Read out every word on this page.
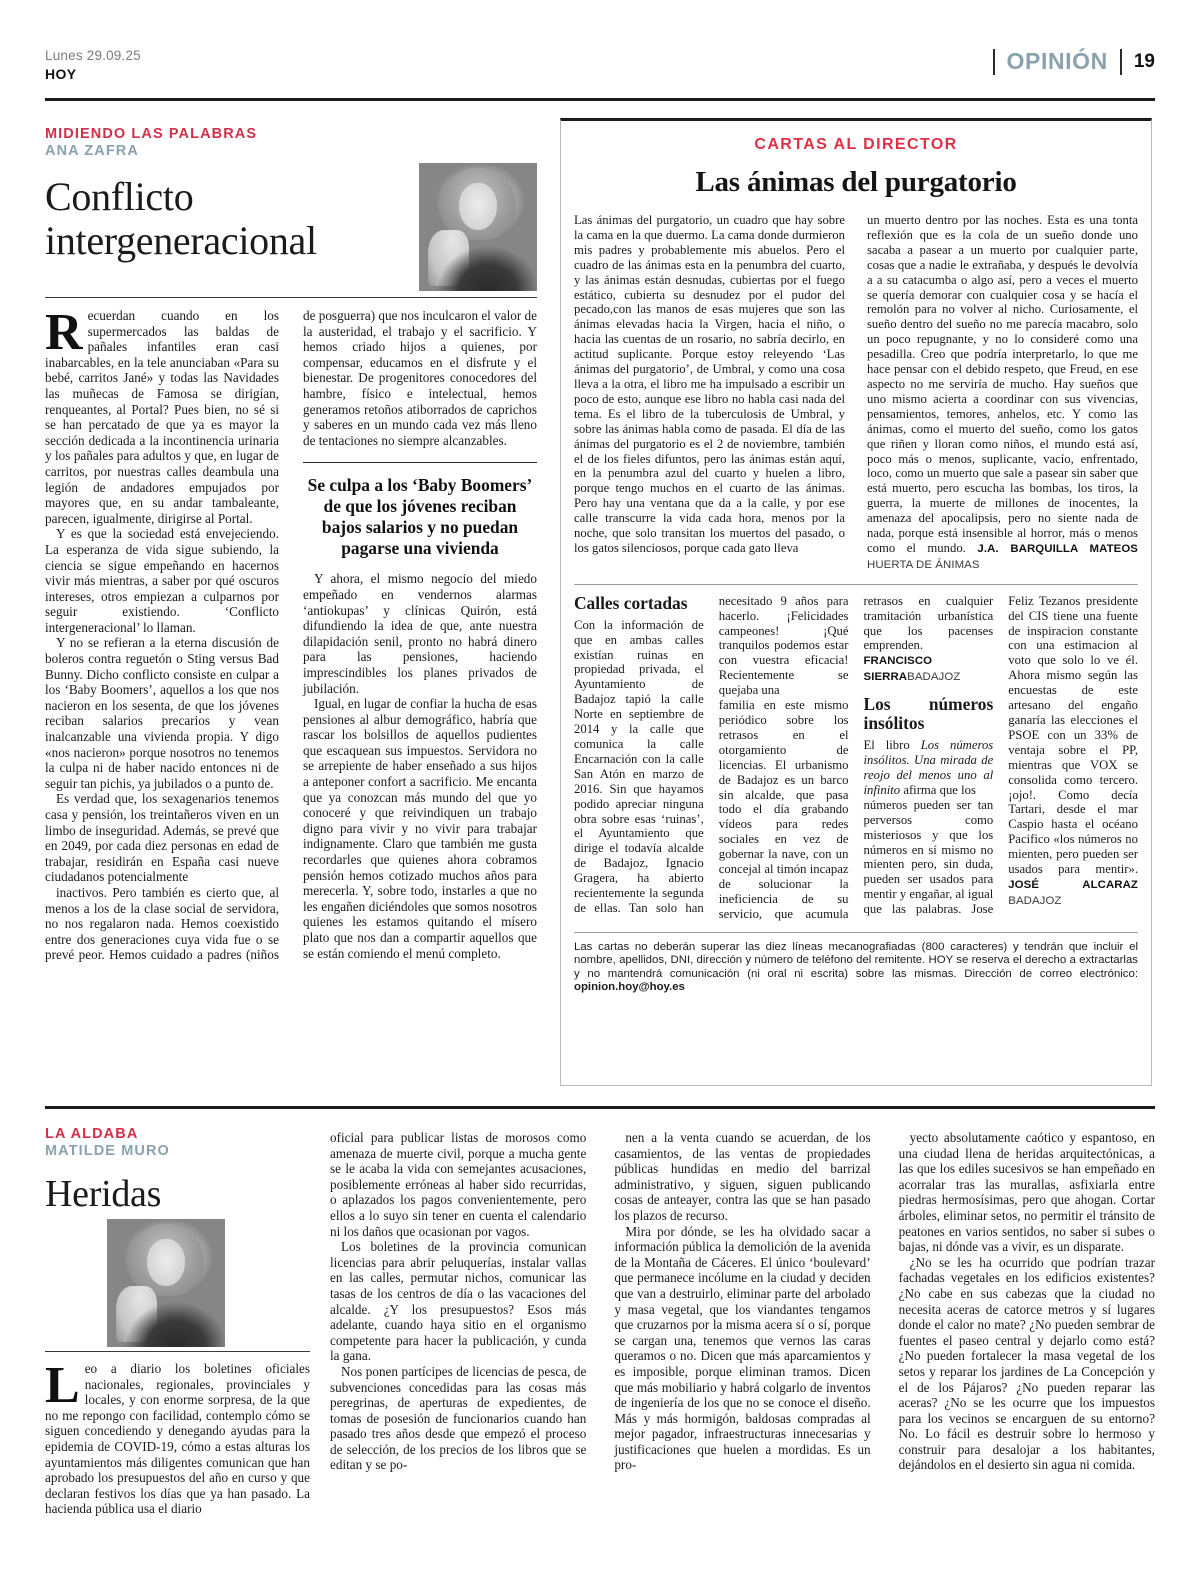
Lunes 29.09.25
HOY	OPINIÓN 19
MIDIENDO LAS PALABRAS
ANA ZAFRA
Conflicto intergeneracional

Recuerdan cuando en los supermercados las baldas de pañales infantiles eran casi inabarcables, en la tele anunciaban «Para su bebé, carritos Jané» y todas las Navidades las muñecas de Famosa se dirigían, renqueantes, al Portal? Pues bien, no sé si se han percatado de que ya es mayor la sección dedicada a la incontinencia urinaria y los pañales para adultos y que, en lugar de carritos, por nuestras calles deambula una legión de andadores empujados por mayores que, en su andar tambaleante, parecen, igualmente, dirigirse al Portal.

Y es que la sociedad está envejeciendo. La esperanza de vida sigue subiendo, la ciencia se sigue empeñando en hacernos vivir más mientras, a saber por qué oscuros intereses, otros empiezan a culparnos por seguir existiendo. ‘Conflicto intergeneracional’ lo llaman.

Y no se refieran a la eterna discusión de boleros contra reguetón o Sting versus Bad Bunny. Dicho conflicto consiste en culpar a los ‘Baby Boomers’, aquellos a los que nos nacieron en los sesenta, de que los jóvenes reciban salarios precarios y vean inalcanzable una vivienda propia. Y digo «nos nacieron» porque nosotros no tenemos la culpa ni de haber nacido entonces ni de seguir tan pichis, ya jubilados o a punto de.

Es verdad que, los sexagenarios tenemos casa y pensión, los treintañeros viven en un limbo de inseguridad. Además, se prevé que en 2049, por cada diez personas en edad de trabajar, residirán en España casi nueve ciudadanos potencialmente

inactivos. Pero también es cierto que, al menos a los de la clase social de servidora, no nos regalaron nada. Hemos coexistido entre dos generaciones cuya vida fue o se prevé peor. Hemos cuidado a padres (niños de posguerra) que nos inculcaron el valor de la austeridad, el trabajo y el sacrificio. Y hemos criado hijos a quienes, por compensar, educamos en el disfrute y el bienestar. De progenitores conocedores del hambre, físico e intelectual, hemos generamos retoños atiborrados de caprichos y saberes en un mundo cada vez más lleno de tentaciones no siempre alcanzables.

Se culpa a los ‘Baby Boomers’ de que los jóvenes reciban bajos salarios y no puedan pagarse una vivienda

Y ahora, el mismo negocio del miedo empeñado en vendernos alarmas ‘antiokupas’ y clínicas Quirón, está difundiendo la idea de que, ante nuestra dilapidación senil, pronto no habrá dinero para las pensiones, haciendo imprescindibles los planes privados de jubilación.

Igual, en lugar de confiar la hucha de esas pensiones al albur demográfico, habría que rascar los bolsillos de aquellos pudientes que escaquean sus impuestos. Servidora no se arrepiente de haber enseñado a sus hijos a anteponer confort a sacrificio. Me encanta que ya conozcan más mundo del que yo conoceré y que reivindiquen un trabajo digno para vivir y no vivir para trabajar indignamente. Claro que también me gusta recordarles que quienes ahora cobramos pensión hemos cotizado muchos años para merecerla. Y, sobre todo, instarles a que no les engañen diciéndoles que somos nosotros quienes les estamos quitando el mísero plato que nos dan a compartir aquellos que se están comiendo el menú completo.

CARTAS AL DIRECTOR
Las ánimas del purgatorio

Las ánimas del purgatorio, un cuadro que hay sobre la cama en la que duermo. La cama donde durmieron mis padres y probablemente mis abuelos. Pero el cuadro de las ánimas esta en la penumbra del cuarto, y las ánimas están desnudas, cubiertas por el fuego estático, cubierta su desnudez por el pudor del pecado,con las manos de esas mujeres que son las ánimas elevadas hacia la Virgen, hacia el niño, o hacia las cuentas de un rosario, no sabría decirlo, en actitud suplicante. Porque estoy releyendo ‘Las ánimas del purgatorio’, de Umbral, y como una cosa lleva a la otra, el libro me ha impulsado a escribir un poco de esto, aunque ese libro no habla casi nada del tema. Es el libro de la tuberculosis de Umbral, y sobre las ánimas habla como de pasada. El día de las ánimas del purgatorio es el 2 de noviembre, también el de los fieles difuntos, pero las ánimas están aquí, en la penumbra azul del cuarto y huelen a libro, porque tengo muchos en el cuarto de las ánimas. Pero hay una ventana que da a la calle, y por ese calle transcurre la vida cada hora, menos por la noche, que solo transitan los muertos del pasado, o los gatos silenciosos, porque cada gato lleva

un muerto dentro por las noches. Esta es una tonta reflexión que es la cola de un sueño donde uno sacaba a pasear a un muerto por cualquier parte, cosas que a nadie le extrañaba, y después le devolvía a a su catacumba o algo así, pero a veces el muerto se quería demorar con cualquier cosa y se hacía el remolón para no volver al nicho. Curiosamente, el sueño dentro del sueño no me parecía macabro, solo un poco repugnante, y no lo consideré como una pesadilla. Creo que podría interpretarlo, lo que me hace pensar con el debido respeto, que Freud, en ese aspecto no me serviría de mucho. Hay sueños que uno mismo acierta a coordinar con sus vivencias, pensamientos, temores, anhelos, etc. Y como las ánimas, como el muerto del sueño, como los gatos que riñen y lloran como niños, el mundo está así, poco más o menos, suplicante, vacío, enfrentado, loco, como un muerto que sale a pasear sin saber que está muerto, pero escucha las bombas, los tiros, la guerra, la muerte de millones de inocentes, la amenaza del apocalipsis, pero no siente nada de nada, porque está insensible al horror, más o menos como el mundo. J.A. BARQUILLA MATEOS HUERTA DE ÁNIMAS

Calles cortadas

Con la información de que en ambas calles existían ruinas en propiedad privada, el Ayuntamiento de Badajoz tapió la calle Norte en septiembre de 2014 y la calle que comunica la calle Encarnación con la calle San Atón en marzo de 2016. Sin que hayamos podido apreciar ninguna obra sobre esas ‘ruinas’, el Ayuntamiento que dirige el todavía alcalde de Badajoz, Ignacio Gragera, ha abierto recientemente la segunda de ellas. Tan solo han necesitado 9 años para hacerlo. ¡Felicidades campeones! ¡Qué tranquilos podemos estar con vuestra eficacia! Recientemente se quejaba una

familia en este mismo periódico sobre los retrasos en el otorgamiento de licencias. El urbanismo de Badajoz es un barco sin alcalde, que pasa todo el día grabando vídeos para redes sociales en vez de gobernar la nave, con un concejal al timón incapaz de solucionar la ineficiencia de su servicio, que acumula retrasos en cualquier tramitación urbanística que los pacenses emprenden. FRANCISCO SIERRABADAJOZ

Los números insólitos

El libro Los números insólitos. Una mirada de reojo del menos uno al infinito afirma que los

números pueden ser tan perversos como misteriosos y que los números en sí mismo no mienten pero, sin duda, pueden ser usados para mentir y engañar, al igual que las palabras. Jose Feliz Tezanos presidente del CIS tiene una fuente de inspiracion constante con una estimacion al voto que solo lo ve él. Ahora mismo según las encuestas de este artesano del engaño ganaría las elecciones el PSOE con un 33% de ventaja sobre el PP, mientras que VOX se consolida como tercero. ¡ojo!. Como decía Tartari, desde el mar Caspio hasta el océano Pacifico «los números no mienten, pero pueden ser usados para mentir». JOSÉ ALCARAZ BADAJOZ

Las cartas no deberán superar las diez líneas mecanografiadas (800 caracteres) y tendrán que incluir el nombre, apellidos, DNI, dirección y número de teléfono del remitente. HOY se reserva el derecho a extractarlas y no mantendrá comunicación (ni oral ni escrita) sobre las mismas. Dirección de correo electrónico: opinion.hoy@hoy.es
LA ALDABA
MATILDE MURO
Heridas

Leo a diario los boletines oficiales nacionales, regionales, provinciales y locales, y con enorme sorpresa, de la que no me repongo con facilidad, contemplo cómo se siguen concediendo y denegando ayudas para la epidemia de COVID-19, cómo a estas alturas los ayuntamientos más diligentes comunican que han aprobado los presupuestos del año en curso y que declaran festivos los días que ya han pasado. La hacienda pública usa el diario

oficial para publicar listas de morosos como amenaza de muerte civil, porque a mucha gente se le acaba la vida con semejantes acusaciones, posiblemente erróneas al haber sido recurridas, o aplazados los pagos convenientemente, pero ellos a lo suyo sin tener en cuenta el calendario ni los daños que ocasionan por vagos.

Los boletines de la provincia comunican licencias para abrir peluquerías, instalar vallas en las calles, permutar nichos, comunicar las tasas de los centros de día o las vacaciones del alcalde. ¿Y los presupuestos? Esos más adelante, cuando haya sitio en el organismo competente para hacer la publicación, y cunda la gana.

Nos ponen partícipes de licencias de pesca, de subvenciones concedidas para las cosas más peregrinas, de aperturas de expedientes, de tomas de posesión de funcionarios cuando han pasado tres años desde que empezó el proceso de selección, de los precios de los libros que se editan y se po-

nen a la venta cuando se acuerdan, de los casamientos, de las ventas de propiedades públicas hundidas en medio del barrizal administrativo, y siguen, siguen publicando cosas de anteayer, contra las que se han pasado los plazos de recurso.

Mira por dónde, se les ha olvidado sacar a información pública la demolición de la avenida de la Montaña de Cáceres. El único ‘boulevard’ que permanece incólume en la ciudad y deciden que van a destruirlo, eliminar parte del arbolado y masa vegetal, que los viandantes tengamos que cruzarnos por la misma acera sí o sí, porque se cargan una, tenemos que vernos las caras queramos o no. Dicen que más aparcamientos y es imposible, porque eliminan tramos. Dicen que más mobiliario y habrá colgarlo de inventos de ingeniería de los que no se conoce el diseño. Más y más hormigón, baldosas compradas al mejor pagador, infraestructuras innecesarias y justificaciones que huelen a mordidas. Es un pro-

yecto absolutamente caótico y espantoso, en una ciudad llena de heridas arquitectónicas, a las que los ediles sucesivos se han empeñado en acorralar tras las murallas, asfixiarla entre piedras hermosísimas, pero que ahogan. Cortar árboles, eliminar setos, no permitir el tránsito de peatones en varios sentidos, no saber si subes o bajas, ni dónde vas a vivir, es un disparate.

¿No se les ha ocurrido que podrían trazar fachadas vegetales en los edificios existentes? ¿No cabe en sus cabezas que la ciudad no necesita aceras de catorce metros y sí lugares donde el calor no mate? ¿No pueden sembrar de fuentes el paseo central y dejarlo como está? ¿No pueden fortalecer la masa vegetal de los setos y reparar los jardines de La Concepción y el de los Pájaros? ¿No pueden reparar las aceras? ¿No se les ocurre que los impuestos para los vecinos se encarguen de su entorno? No. Lo fácil es destruir sobre lo hermoso y construir para desalojar a los habitantes, dejándolos en el desierto sin agua ni comida.
